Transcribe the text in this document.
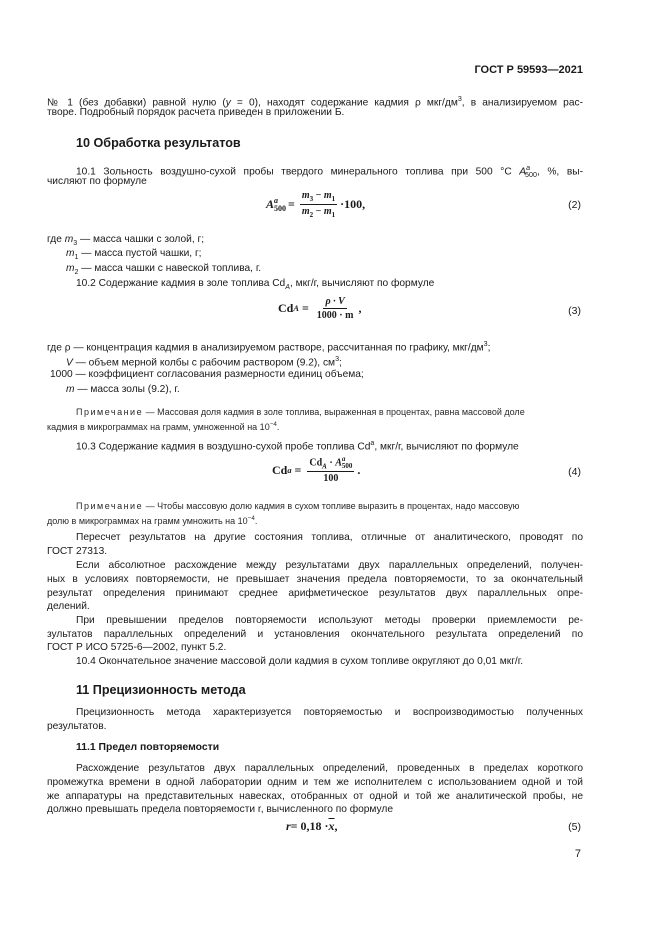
ГОСТ Р 59593—2021
№ 1 (без добавки) равной нулю (у = 0), находят содержание кадмия ρ мкг/$дм^3$, в анализируемом рас-
творе. Подробный порядок расчета приведен в приложении Б.
10 Обработка результатов
10.1 Зольность воздушно-сухой пробы твердого минерального топлива при 500 °С $A^a_{500}$, %, вы-
числяют по формуле
A a
$500 = \frac{m_3 - m_1}{m_2 - m_1} \cdot 100$,	(2)
где $m_3$ — масса чашки с золой, г;
$m_1$ — масса пустой чашки, г;
$m_2$ — масса чашки с навеской топлива, г.
10.2 Содержание кадмия в золе топлива $Cd_A$, мкг/г, вычисляют по формуле
Cd $A = \frac{\rho \cdot V}{1000 \cdot m}$ ,	(3)
где ρ — концентрация кадмия в анализируемом растворе, рассчитанная по графику, мкг/$дм^3$;
V — объем мерной колбы с рабочим раствором (9.2), $см^3$;
1000 — коэффициент согласования размерности единиц объема;
m — масса золы (9.2), г.
Примечание — Массовая доля кадмия в золе топлива, выраженная в процентах, равна массовой доле
кадмия в микрограммах на грамм, умноженной на $10^{-4}$.
10.3 Содержание кадмия в воздушно-сухой пробе топлива Cd$^a$, мкг/г, вычисляют по формуле
Cd $a = Cd_A \cdot A$ a
500
100 .	(4)
Примечание — Чтобы массовую долю кадмия в сухом топливе выразить в процентах, надо массовую
долю в микрограммах на грамм умножить на $10^{-4}$.
Пересчет результатов на другие состояния топлива, отличные от аналитического, проводят по
ГОСТ 27313.
Если абсолютное расхождение между результатами двух параллельных определений, получен-
ных в условиях повторяемости, не превышает значения предела повторяемости, то за окончательный
результат определения принимают среднее арифметическое результатов двух параллельных опре-
делений.
При превышении пределов повторяемости используют методы проверки приемлемости ре-
зультатов параллельных определений и установления окончательного результата определений по
ГОСТ Р ИСО 5725-6—2002, пункт 5.2.
10.4 Окончательное значение массовой доли кадмия в сухом топливе округляют до 0,01 мкг/г.
11 Прецизионность метода
Прецизионность метода характеризуется повторяемостью и воспроизводимостью полученных
результатов.
11.1 Предел повторяемости
Расхождение результатов двух параллельных определений, проведенных в пределах короткого
промежутка времени в одной лаборатории одним и тем же исполнителем с использованием одной и той
же аппаратуры на представительных навесках, отобранных от одной и той же аналитической пробы, не
должно превышать предела повторяемости r, вычисленного по формуле
$r = 0,18 \cdot \overline{x}$ ,	(5)
7
